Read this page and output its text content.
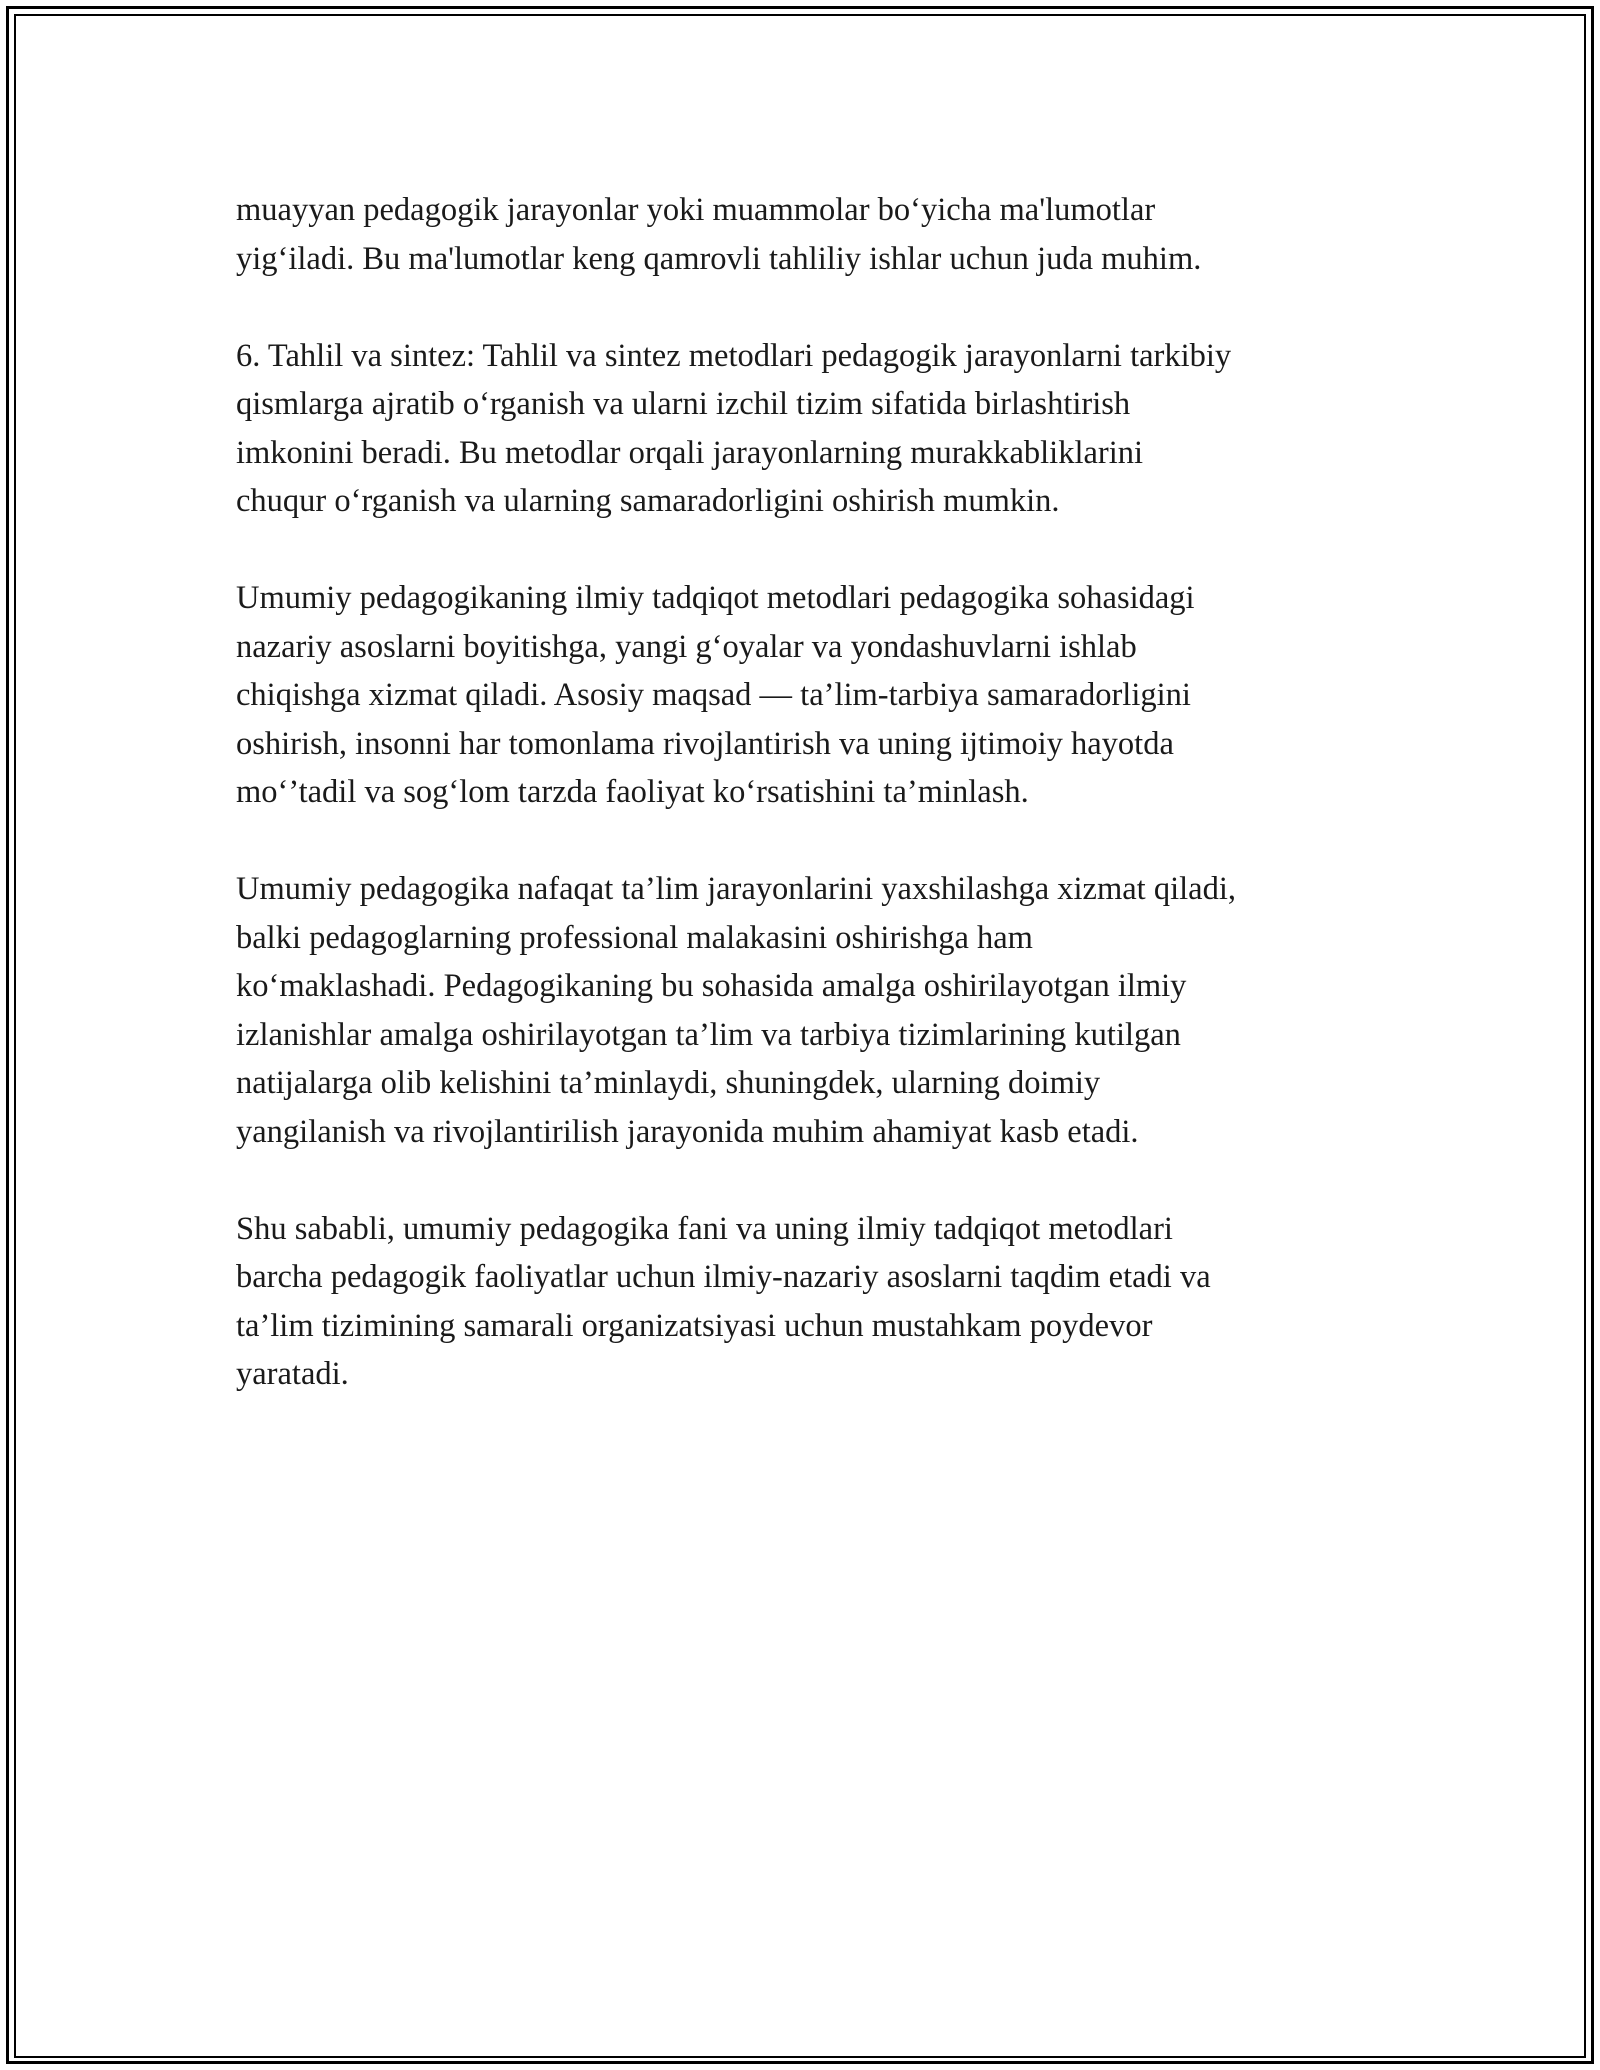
muayyan pedagogik jarayonlar yoki muammolar bo‘yicha ma'lumotlar
yig‘iladi. Bu ma'lumotlar keng qamrovli tahliliy ishlar uchun juda muhim.

6. Tahlil va sintez: Tahlil va sintez metodlari pedagogik jarayonlarni tarkibiy
qismlarga ajratib o‘rganish va ularni izchil tizim sifatida birlashtirish
imkonini beradi. Bu metodlar orqali jarayonlarning murakkabliklarini
chuqur o‘rganish va ularning samaradorligini oshirish mumkin.

Umumiy pedagogikaning ilmiy tadqiqot metodlari pedagogika sohasidagi
nazariy asoslarni boyitishga, yangi g‘oyalar va yondashuvlarni ishlab
chiqishga xizmat qiladi. Asosiy maqsad — ta’lim-tarbiya samaradorligini
oshirish, insonni har tomonlama rivojlantirish va uning ijtimoiy hayotda
mo‘’tadil va sog‘lom tarzda faoliyat ko‘rsatishini ta’minlash.

Umumiy pedagogika nafaqat ta’lim jarayonlarini yaxshilashga xizmat qiladi,
balki pedagoglarning professional malakasini oshirishga ham
ko‘maklashadi. Pedagogikaning bu sohasida amalga oshirilayotgan ilmiy
izlanishlar amalga oshirilayotgan ta’lim va tarbiya tizimlarining kutilgan
natijalarga olib kelishini ta’minlaydi, shuningdek, ularning doimiy
yangilanish va rivojlantirilish jarayonida muhim ahamiyat kasb etadi.

Shu sababli, umumiy pedagogika fani va uning ilmiy tadqiqot metodlari
barcha pedagogik faoliyatlar uchun ilmiy-nazariy asoslarni taqdim etadi va
ta’lim tizimining samarali organizatsiyasi uchun mustahkam poydevor
yaratadi.
